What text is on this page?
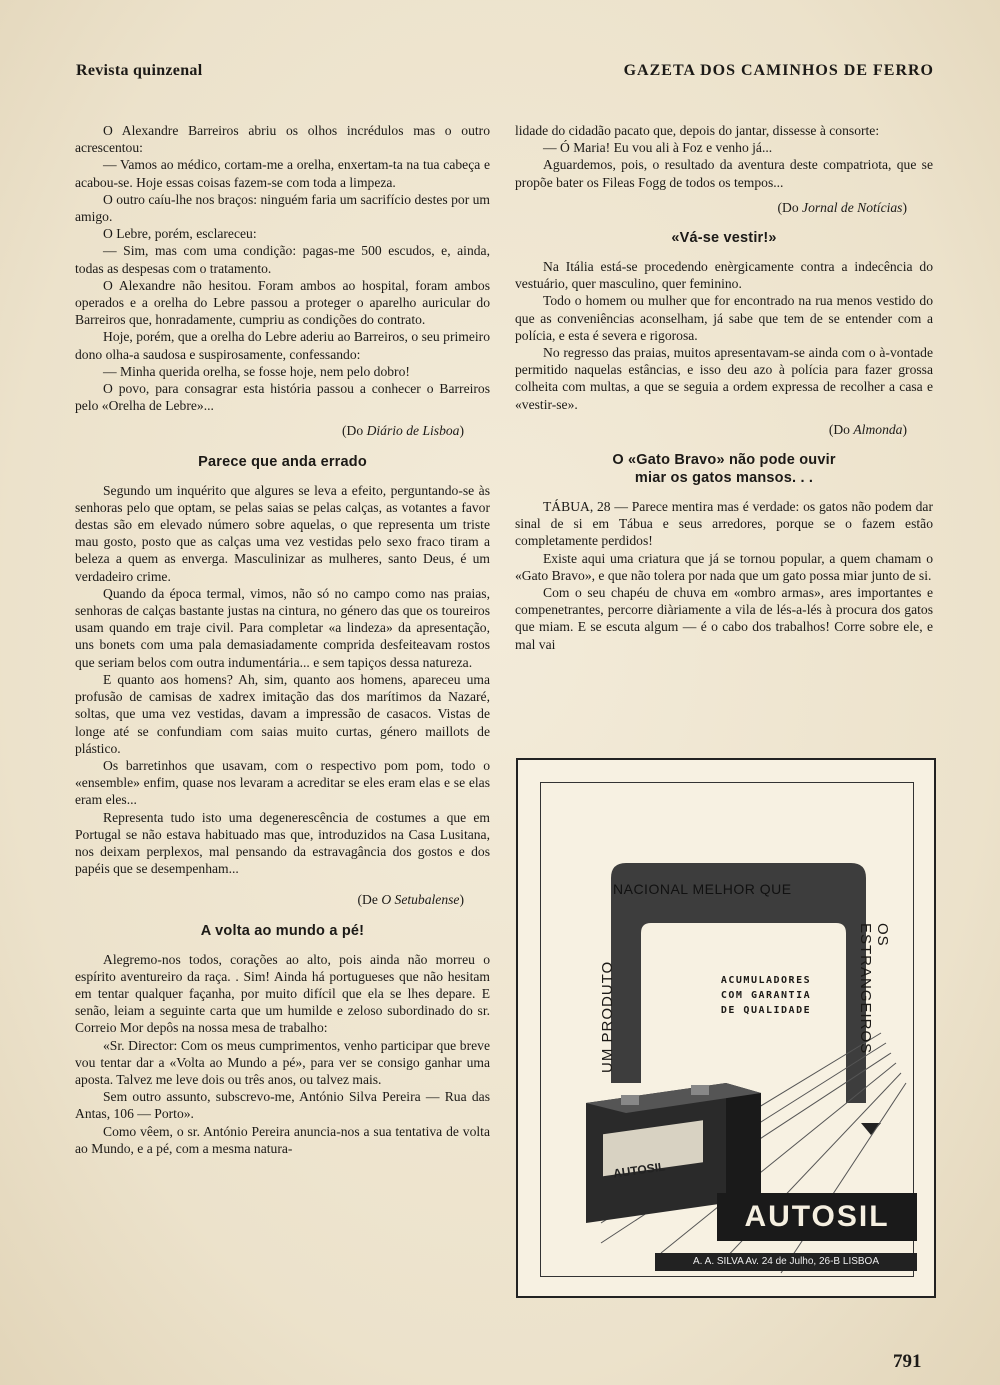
Revista quinzenal	GAZETA DOS CAMINHOS DE FERRO

O Alexandre Barreiros abriu os olhos incrédulos mas o outro acrescentou:

— Vamos ao médico, cortam-me a orelha, enxertam-ta na tua cabeça e acabou-se. Hoje essas coisas fazem-se com toda a limpeza.

O outro caíu-lhe nos braços: ninguém faria um sacrifício destes por um amigo.

O Lebre, porém, esclareceu:

— Sim, mas com uma condição: pagas-me 500 escudos, e, ainda, todas as despesas com o tratamento.

O Alexandre não hesitou. Foram ambos ao hospital, foram ambos operados e a orelha do Lebre passou a proteger o aparelho auricular do Barreiros que, honradamente, cumpriu as condições do contrato.

Hoje, porém, que a orelha do Lebre aderiu ao Barreiros, o seu primeiro dono olha-a saudosa e suspirosamente, confessando:

— Minha querida orelha, se fosse hoje, nem pelo dobro!

O povo, para consagrar esta história passou a conhecer o Barreiros pelo «Orelha de Lebre»...

(Do Diário de Lisboa)

Parece que anda errado

Segundo um inquérito que algures se leva a efeito, perguntando-se às senhoras pelo que optam, se pelas saias se pelas calças, as votantes a favor destas são em elevado número sobre aquelas, o que representa um triste mau gosto, posto que as calças uma vez vestidas pelo sexo fraco tiram a beleza a quem as enverga. Masculinizar as mulheres, santo Deus, é um verdadeiro crime.

Quando da época termal, vimos, não só no campo como nas praias, senhoras de calças bastante justas na cintura, no género das que os toureiros usam quando em traje civil. Para completar «a lindeza» da apresentação, uns bonets com uma pala demasiadamente comprida desfeiteavam rostos que seriam belos com outra indumentária... e sem tapiços dessa natureza.

E quanto aos homens? Ah, sim, quanto aos homens, apareceu uma profusão de camisas de xadrex imitação das dos marítimos da Nazaré, soltas, que uma vez vestidas, davam a impressão de casacos. Vistas de longe até se confundiam com saias muito curtas, género maillots de plástico.

Os barretinhos que usavam, com o respectivo pom pom, todo o «ensemble» enfim, quase nos levaram a acreditar se eles eram elas e se elas eram eles...

Representa tudo isto uma degenerescência de costumes a que em Portugal se não estava habituado mas que, introduzidos na Casa Lusitana, nos deixam perplexos, mal pensando da estravagância dos gostos e dos papéis que se desempenham...

(De O Setubalense)

A volta ao mundo a pé!

Alegremo-nos todos, corações ao alto, pois ainda não morreu o espírito aventureiro da raça. . Sim! Ainda há portugueses que não hesitam em tentar qualquer façanha, por muito difícil que ela se lhes depare. E senão, leiam a seguinte carta que um humilde e zeloso subordinado do sr. Correio Mor depôs na nossa mesa de trabalho:

«Sr. Director: Com os meus cumprimentos, venho participar que breve vou tentar dar a «Volta ao Mundo a pé», para ver se consigo ganhar uma aposta. Talvez me leve dois ou três anos, ou talvez mais.

Sem outro assunto, subscrevo-me, António Silva Pereira — Rua das Antas, 106 — Porto».

Como vêem, o sr. António Pereira anuncia-nos a sua tentativa de volta ao Mundo, e a pé, com a mesma natura-

lidade do cidadão pacato que, depois do jantar, dissesse à consorte:

— Ó Maria! Eu vou ali à Foz e venho já...

Aguardemos, pois, o resultado da aventura deste compatriota, que se propõe bater os Fileas Fogg de todos os tempos...

(Do Jornal de Notícias)

«Vá-se vestir!»

Na Itália está-se procedendo enèrgicamente contra a indecência do vestuário, quer masculino, quer feminino.

Todo o homem ou mulher que for encontrado na rua menos vestido do que as conveniências aconselham, já sabe que tem de se entender com a polícia, e esta é severa e rigorosa.

No regresso das praias, muitos apresentavam-se ainda com o à-vontade permitido naquelas estâncias, e isso deu azo à polícia para fazer grossa colheita com multas, a que se seguia a ordem expressa de recolher a casa e «vestir-se».

(Do Almonda)

O «Gato Bravo» não pode ouvir
miar os gatos mansos. . .

TÁBUA, 28 — Parece mentira mas é verdade: os gatos não podem dar sinal de si em Tábua e seus arredores, porque se o fazem estão completamente perdidos!

Existe aqui uma criatura que já se tornou popular, a quem chamam o «Gato Bravo», e que não tolera por nada que um gato possa miar junto de si.

Com o seu chapéu de chuva em «ombro armas», ares importantes e compenetrantes, percorre diàriamente a vila de lés-a-lés à procura dos gatos que miam. E se escuta algum — é o cabo dos trabalhos! Corre sobre ele, e mal vai

NACIONAL MELHOR QUE
UM PRODUTO
OS ESTRANGEIROS
ACUMULADORES
COM GARANTIA
DE QUALIDADE
AUTOSIL
AUTOSIL
A. A. SILVA Av. 24 de Julho, 26-B LISBOA
791
